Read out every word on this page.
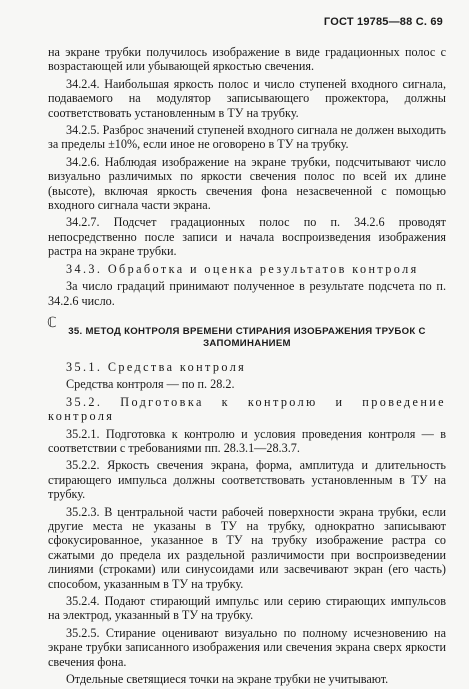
ГОСТ 19785—88 С. 69
ℂ

на экране трубки получилось изображение в виде градационных полос с возрастающей или убывающей яркостью свечения.

34.2.4. Наибольшая яркость полос и число ступеней входного сигнала, подаваемого на модулятор записывающего прожектора, должны соответствовать установленным в ТУ на трубку.

34.2.5. Разброс значений ступеней входного сигнала не должен выходить за пределы ±10%, если иное не оговорено в ТУ на трубку.

34.2.6. Наблюдая изображение на экране трубки, подсчитывают число визуально различимых по яркости свечения полос по всей их длине (высоте), включая яркость свечения фона незасвеченной с помощью входного сигнала части экрана.

34.2.7. Подсчет градационных полос по п. 34.2.6 проводят непосредственно после записи и начала воспроизведения изображения растра на экране трубки.

34.3. Обработка и оценка результатов контроля

За число градаций принимают полученное в результате подсчета по п. 34.2.6 число.

35. МЕТОД КОНТРОЛЯ ВРЕМЕНИ СТИРАНИЯ ИЗОБРАЖЕНИЯ ТРУБОК С ЗАПОМИНАНИЕМ

35.1. Средства контроля

Средства контроля — по п. 28.2.

35.2. Подготовка к контролю и проведение контроля

35.2.1. Подготовка к контролю и условия проведения контроля — в соответствии с требованиями пп. 28.3.1—28.3.7.

35.2.2. Яркость свечения экрана, форма, амплитуда и длительность стирающего импульса должны соответствовать установленным в ТУ на трубку.

35.2.3. В центральной части рабочей поверхности экрана трубки, если другие места не указаны в ТУ на трубку, однократно записывают сфокусированное, указанное в ТУ на трубку изображение растра со сжатыми до предела их раздельной различимости при воспроизведении линиями (строками) или синусоидами или засвечивают экран (его часть) способом, указанным в ТУ на трубку.

35.2.4. Подают стирающий импульс или серию стирающих импульсов на электрод, указанный в ТУ на трубку.

35.2.5. Стирание оценивают визуально по полному исчезновению на экране трубки записанного изображения или свечения экрана сверх яркости свечения фона.

Отдельные светящиеся точки на экране трубки не учитывают.
